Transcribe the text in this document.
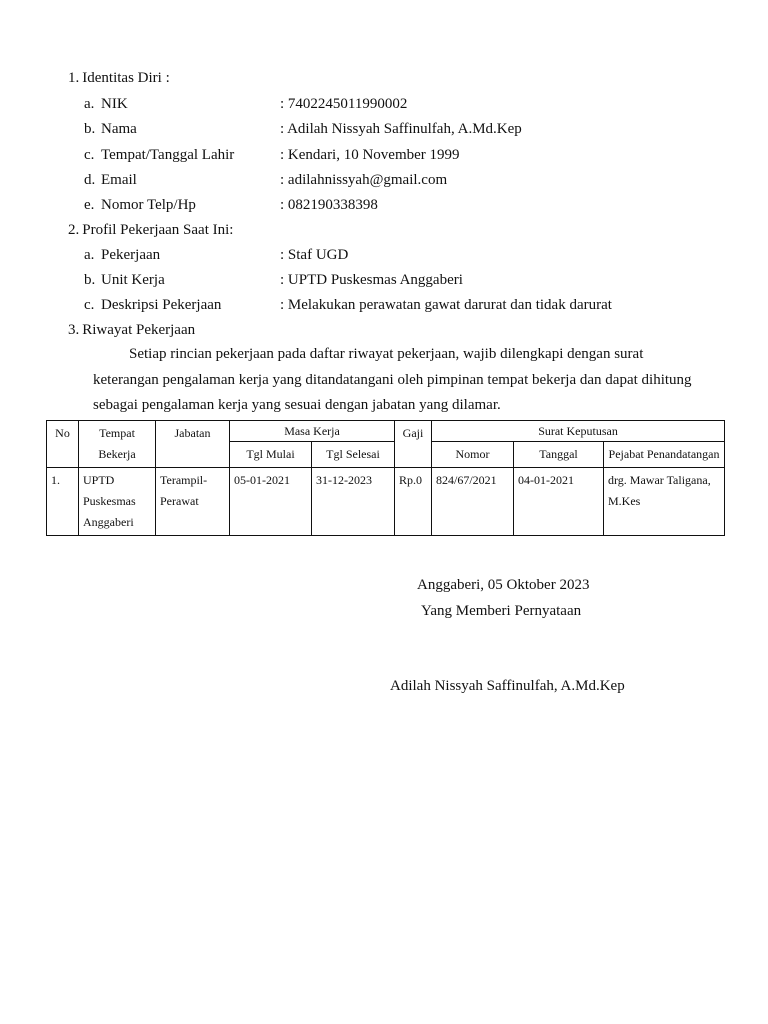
1. Identitas Diri :
a. NIK	: 7402245011990002
b. Nama	: Adilah Nissyah Saffinulfah, A.Md.Kep
c. Tempat/Tanggal Lahir	: Kendari, 10 November 1999
d. Email	: adilahnissyah@gmail.com
e. Nomor Telp/Hp	: 082190338398
2. Profil Pekerjaan Saat Ini:
a. Pekerjaan	: Staf UGD
b. Unit Kerja	: UPTD Puskesmas Anggaberi
c. Deskripsi Pekerjaan	: Melakukan perawatan gawat darurat dan tidak darurat
3. Riwayat Pekerjaan
Setiap rincian pekerjaan pada daftar riwayat pekerjaan, wajib dilengkapi dengan surat
keterangan pengalaman kerja yang ditandatangani oleh pimpinan tempat bekerja dan dapat dihitung
sebagai pengalaman kerja yang sesuai dengan jabatan yang dilamar.
No	Tempat Bekerja	Jabatan	Masa Kerja		Gaji	Surat Keputusan		
			Tgl Mulai	Tgl Selesai		Nomor	Tanggal	Pejabat Penandatangan
1.	UPTD Puskesmas Anggaberi	Terampil-Perawat	05-01-2021	31-12-2023	Rp.0	824/67/2021	04-01-2021	drg. Mawar Taligana, M.Kes
Anggaberi, 05 Oktober 2023
Yang Memberi Pernyataan
Adilah Nissyah Saffinulfah, A.Md.Kep
